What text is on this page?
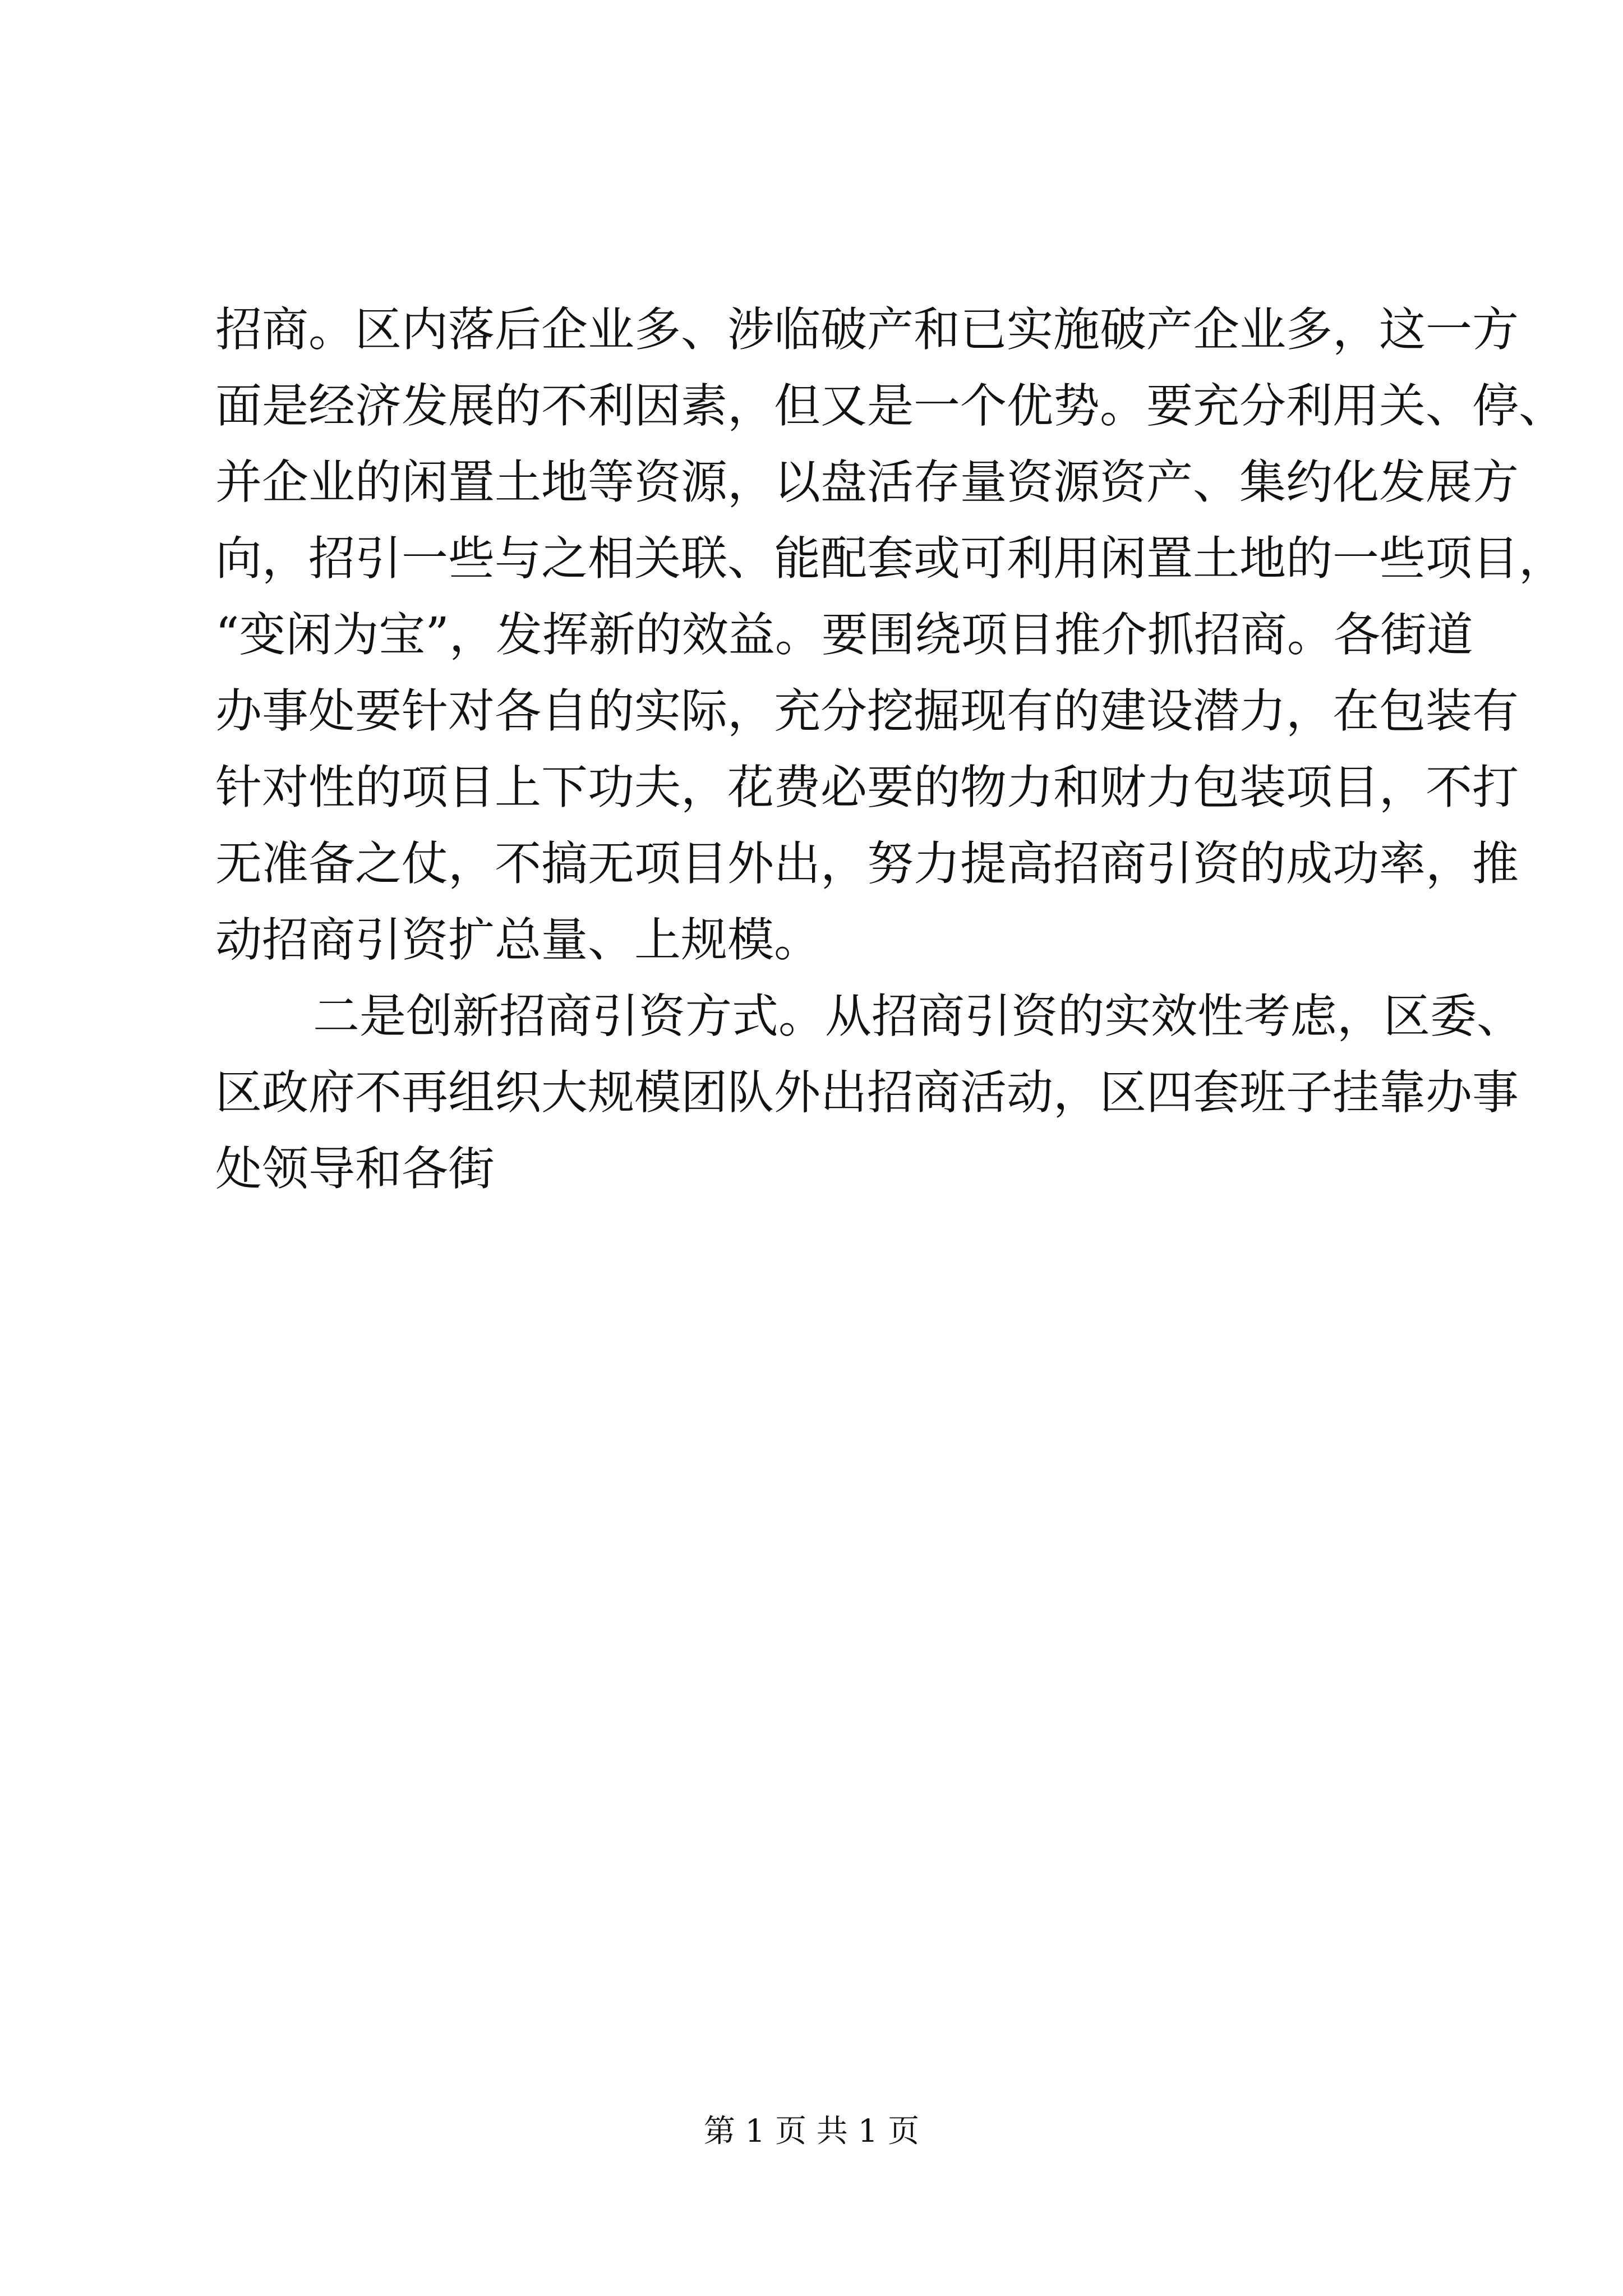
招商。区内落后企业多、涉临破产和已实施破产企业多，这一方
面是经济发展的不利因素，但又是一个优势。要充分利用关、停、
并企业的闲置土地等资源，以盘活存量资源资产、集约化发展方
向，招引一些与之相关联、能配套或可利用闲置土地的一些项目，
“变闲为宝”，发挥新的效益。要围绕项目推介抓招商。各街道
办事处要针对各自的实际，充分挖掘现有的建设潜力，在包装有
针对性的项目上下功夫，花费必要的物力和财力包装项目，不打
无准备之仗，不搞无项目外出，努力提高招商引资的成功率，推
动招商引资扩总量、上规模。
二是创新招商引资方式。从招商引资的实效性考虑，区委、
区政府不再组织大规模团队外出招商活动，区四套班子挂靠办事
处领导和各街
第 1 页 共 1 页
